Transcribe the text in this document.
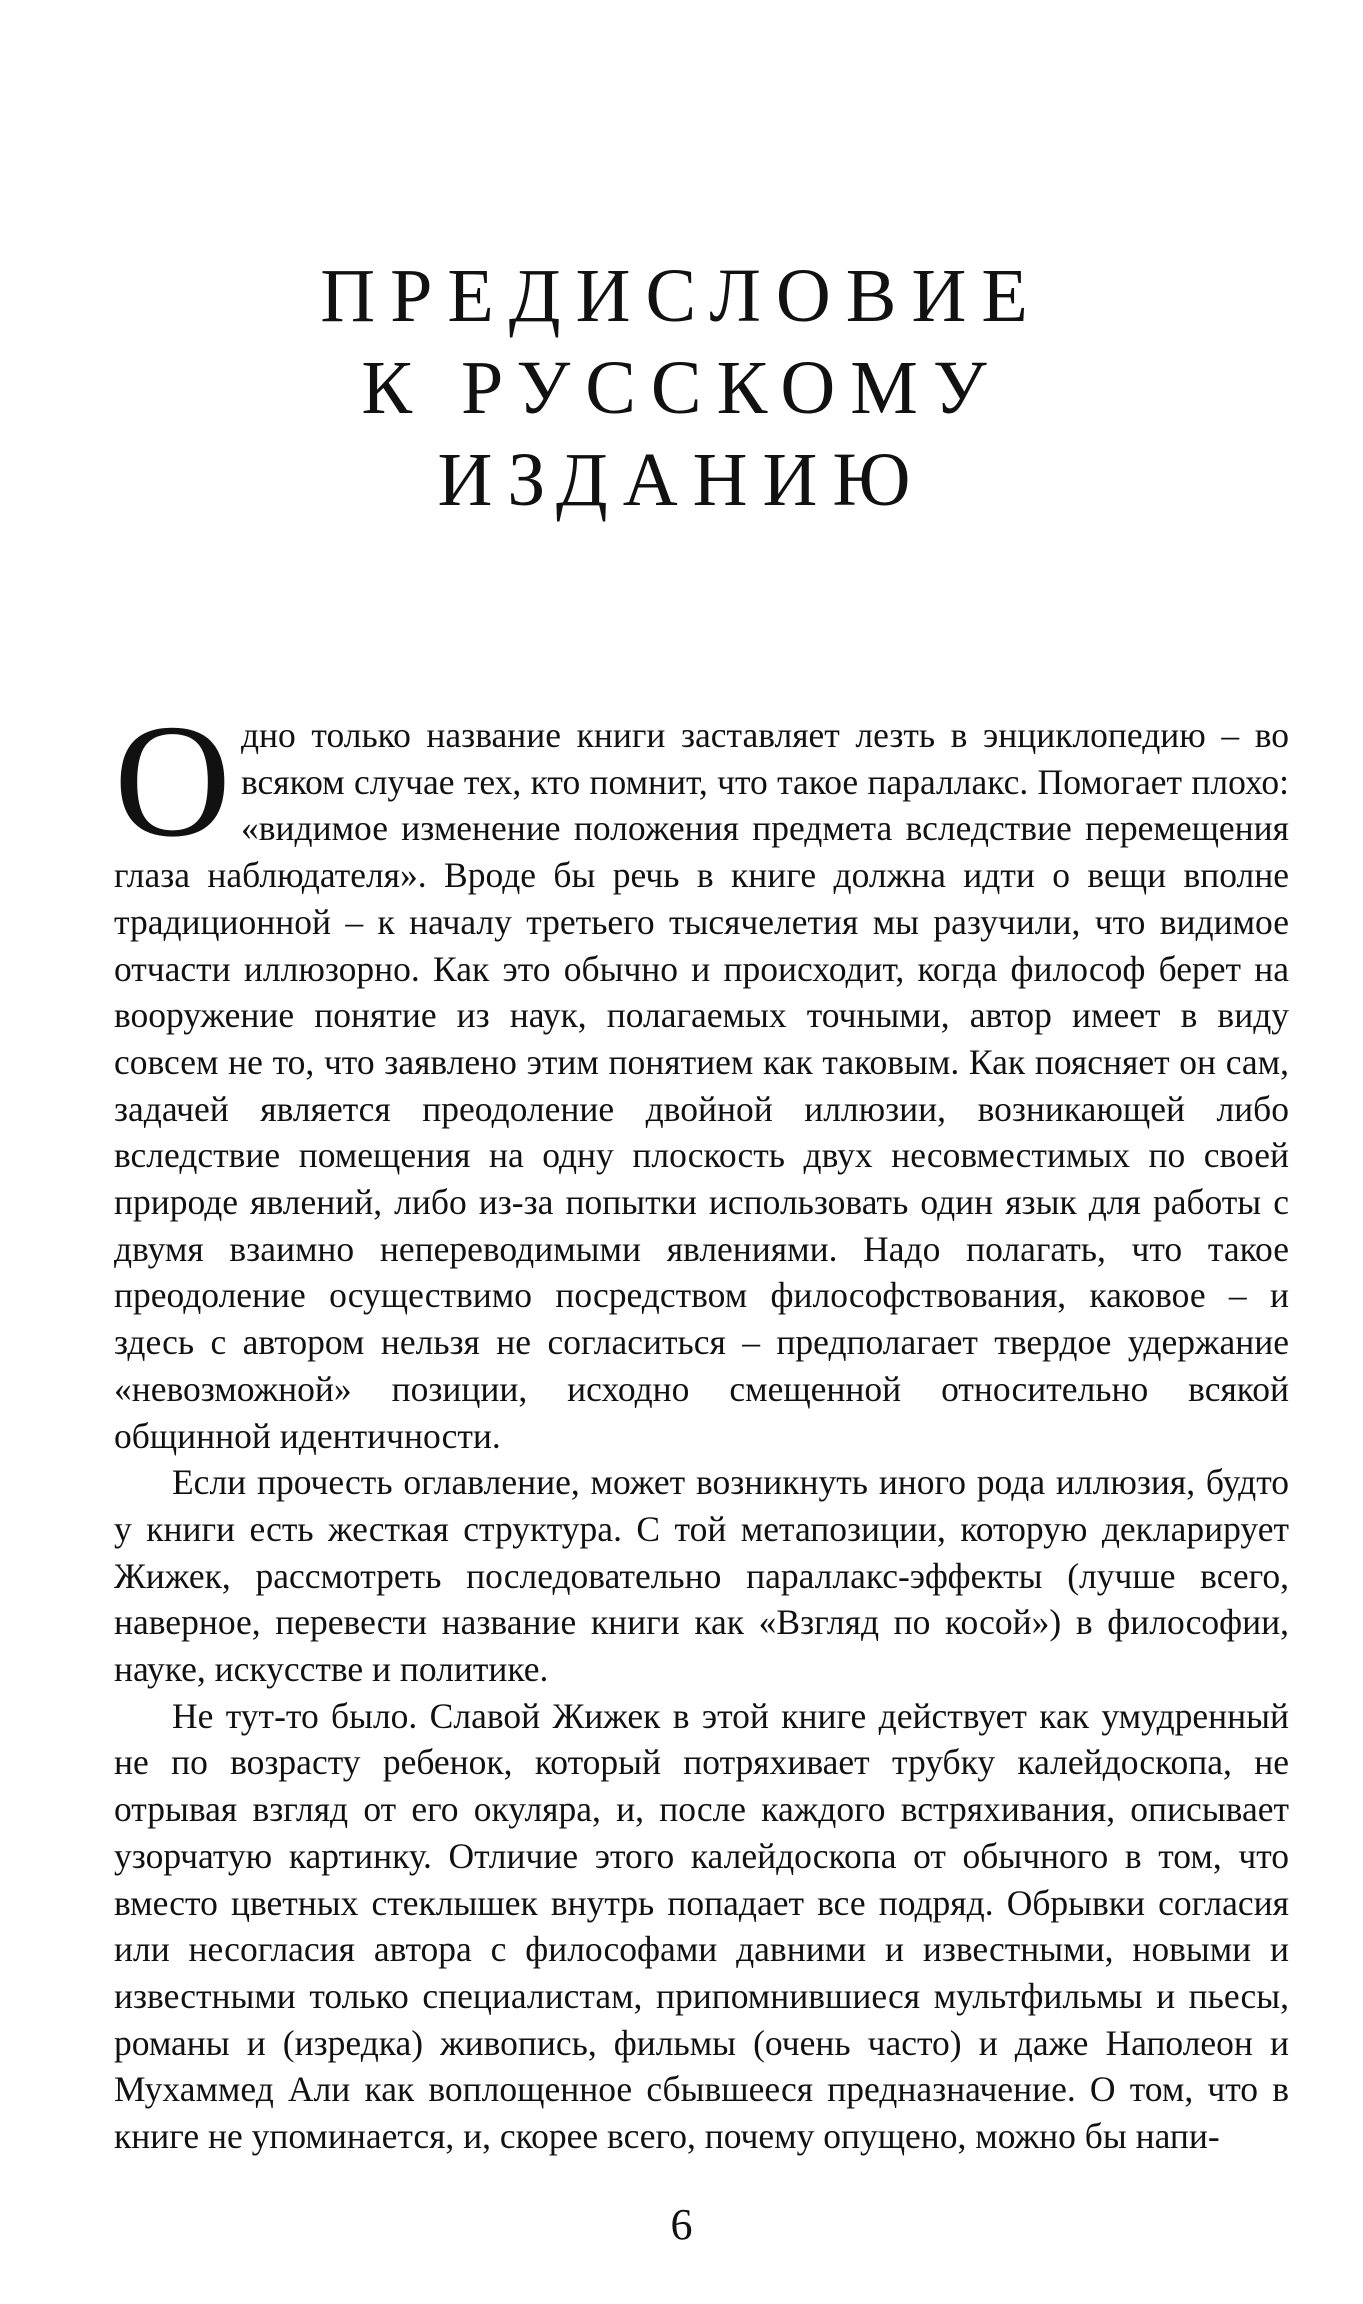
ПРЕДИСЛОВИЕ
К РУССКОМУ
ИЗДАНИЮ

Одно только название книги заставляет лезть в энциклопедию – во всяком случае тех, кто помнит, что такое параллакс. Помогает плохо: «видимое изменение положения предмета вследствие перемещения глаза наблюдателя». Вроде бы речь в книге должна идти о вещи вполне традиционной – к началу третьего тысячелетия мы разучили, что видимое отчасти иллюзорно. Как это обычно и происходит, когда философ берет на вооружение понятие из наук, полагаемых точными, автор имеет в виду совсем не то, что заявлено этим понятием как таковым. Как поясняет он сам, задачей является преодоление двойной иллюзии, возникающей либо вследствие помещения на одну плоскость двух несовместимых по своей природе явлений, либо из-за попытки использовать один язык для работы с двумя взаимно непереводимыми явлениями. Надо полагать, что такое преодоление осуществимо посредством философствования, каковое – и здесь с автором нельзя не согласиться – предполагает твердое удержание «невозможной» позиции, исходно смещенной относительно всякой общинной идентичности.

Если прочесть оглавление, может возникнуть иного рода иллюзия, будто у книги есть жесткая структура. С той метапозиции, которую декларирует Жижек, рассмотреть последовательно параллакс-эффекты (лучше всего, наверное, перевести название книги как «Взгляд по косой») в философии, науке, искусстве и политике.

Не тут-то было. Славой Жижек в этой книге действует как умудренный не по возрасту ребенок, который потряхивает трубку калейдоскопа, не отрывая взгляд от его окуляра, и, после каждого встряхивания, описывает узорчатую картинку. Отличие этого калейдоскопа от обычного в том, что вместо цветных стеклышек внутрь попадает все подряд. Обрывки согласия или несогласия автора с философами давними и известными, новыми и известными только специалистам, припомнившиеся мультфильмы и пьесы, романы и (изредка) живопись, фильмы (очень часто) и даже Наполеон и Мухаммед Али как воплощенное сбывшееся предназначение. О том, что в книге не упоминается, и, скорее всего, почему опущено, можно бы напи-

6
